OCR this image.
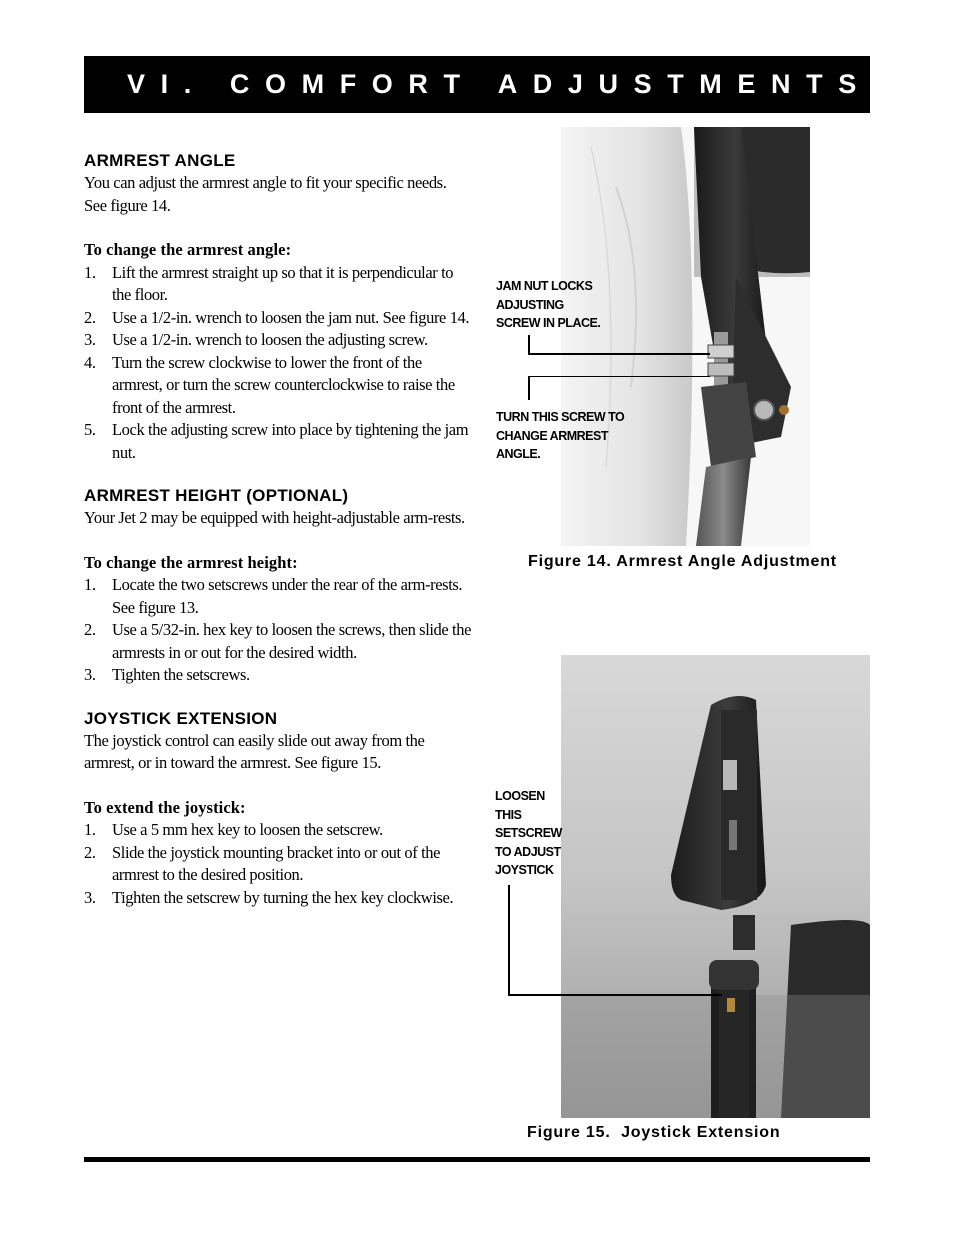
VI. COMFORT ADJUSTMENTS
ARMREST ANGLE

You can adjust the armrest angle to fit your specific needs. See figure 14.

To change the armrest angle:
1. Lift the armrest straight up so that it is perpendicular to the floor.
2. Use a 1/2-in. wrench to loosen the jam nut. See figure 14.
3. Use a 1/2-in. wrench to loosen the adjusting screw.
4. Turn the screw clockwise to lower the front of the armrest, or turn the screw counterclockwise to raise the front of the armrest.
5. Lock the adjusting screw into place by tightening the jam nut.
ARMREST HEIGHT (OPTIONAL)

Your Jet 2 may be equipped with height-adjustable arm-rests.

To change the armrest height:
1. Locate the two setscrews under the rear of the arm-rests. See figure 13.
2. Use a 5/32-in. hex key to loosen the screws, then slide the armrests in or out for the desired width.
3. Tighten the setscrews.
JOYSTICK EXTENSION

The joystick control can easily slide out away from the armrest, or in toward the armrest. See figure 15.

To extend the joystick:
1. Use a 5 mm hex key to loosen the setscrew.
2. Slide the joystick mounting bracket into or out of the armrest to the desired position.
3. Tighten the setscrew by turning the hex key clockwise.
JAM NUT LOCKS
ADJUSTING
SCREW IN PLACE.
TURN THIS SCREW TO
CHANGE ARMREST
ANGLE.
Figure 14. Armrest Angle Adjustment
LOOSEN
THIS
SETSCREW
TO ADJUST
JOYSTICK
Figure 15.  Joystick Extension
